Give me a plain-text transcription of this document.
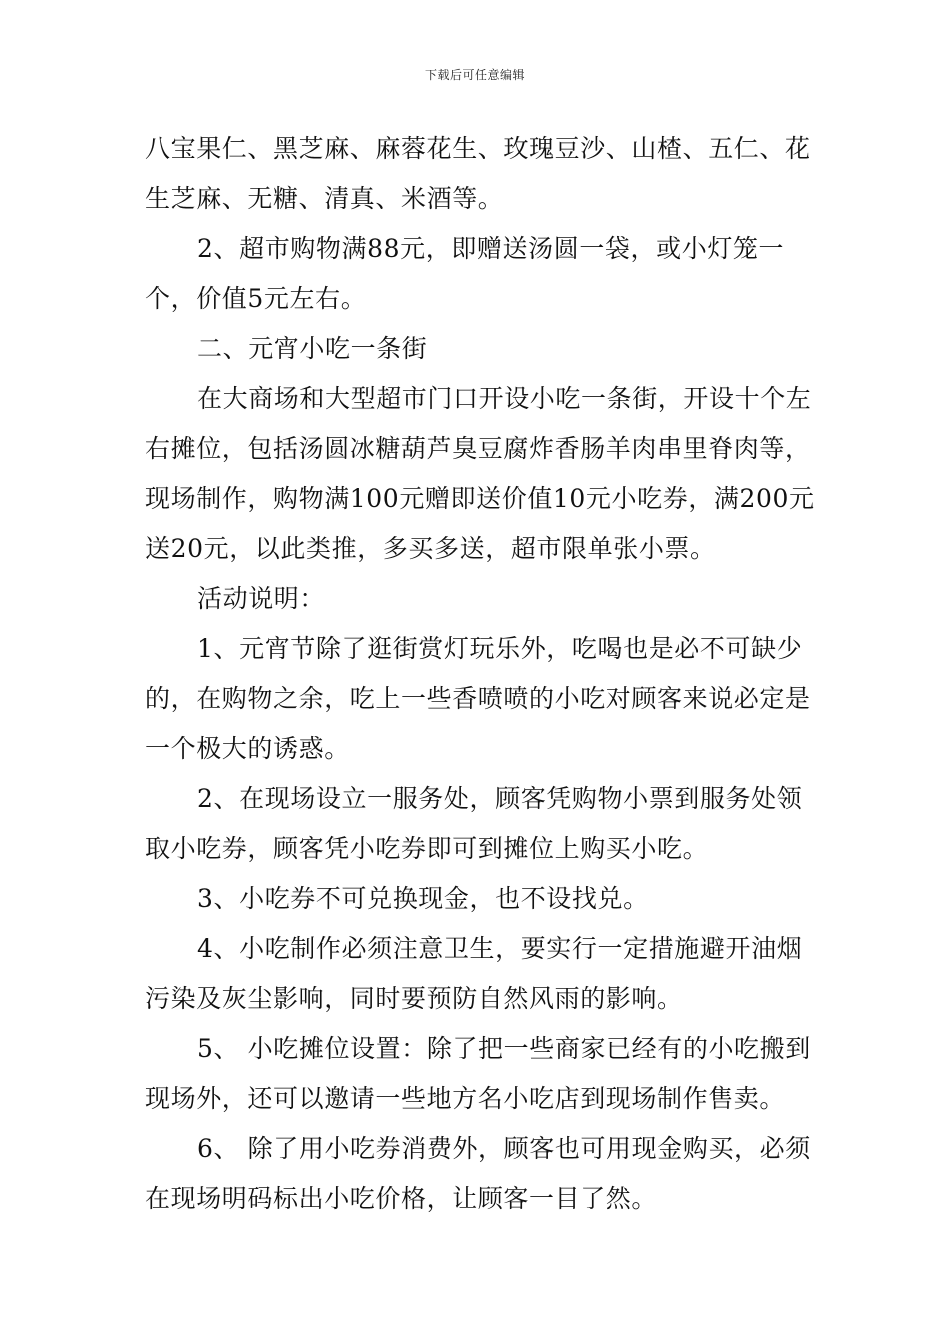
下载后可任意编辑

八宝果仁、黑芝麻、麻蓉花生、玫瑰豆沙、山楂、五仁、花生芝麻、无糖、清真、米酒等。

2、超市购物满88元，即赠送汤圆一袋，或小灯笼一个，价值5元左右。

二、元宵小吃一条街

在大商场和大型超市门口开设小吃一条街，开设十个左右摊位，包括汤圆冰糖葫芦臭豆腐炸香肠羊肉串里脊肉等，现场制作，购物满100元赠即送价值10元小吃券，满200元送20元，以此类推，多买多送，超市限单张小票。

活动说明：

1、元宵节除了逛街赏灯玩乐外，吃喝也是必不可缺少的，在购物之余，吃上一些香喷喷的小吃对顾客来说必定是一个极大的诱惑。

2、在现场设立一服务处，顾客凭购物小票到服务处领取小吃券，顾客凭小吃券即可到摊位上购买小吃。

3、小吃券不可兑换现金，也不设找兑。

4、小吃制作必须注意卫生，要实行一定措施避开油烟污染及灰尘影响，同时要预防自然风雨的影响。

5、 小吃摊位设置：除了把一些商家已经有的小吃搬到现场外，还可以邀请一些地方名小吃店到现场制作售卖。

6、 除了用小吃券消费外，顾客也可用现金购买，必须在现场明码标出小吃价格，让顾客一目了然。
